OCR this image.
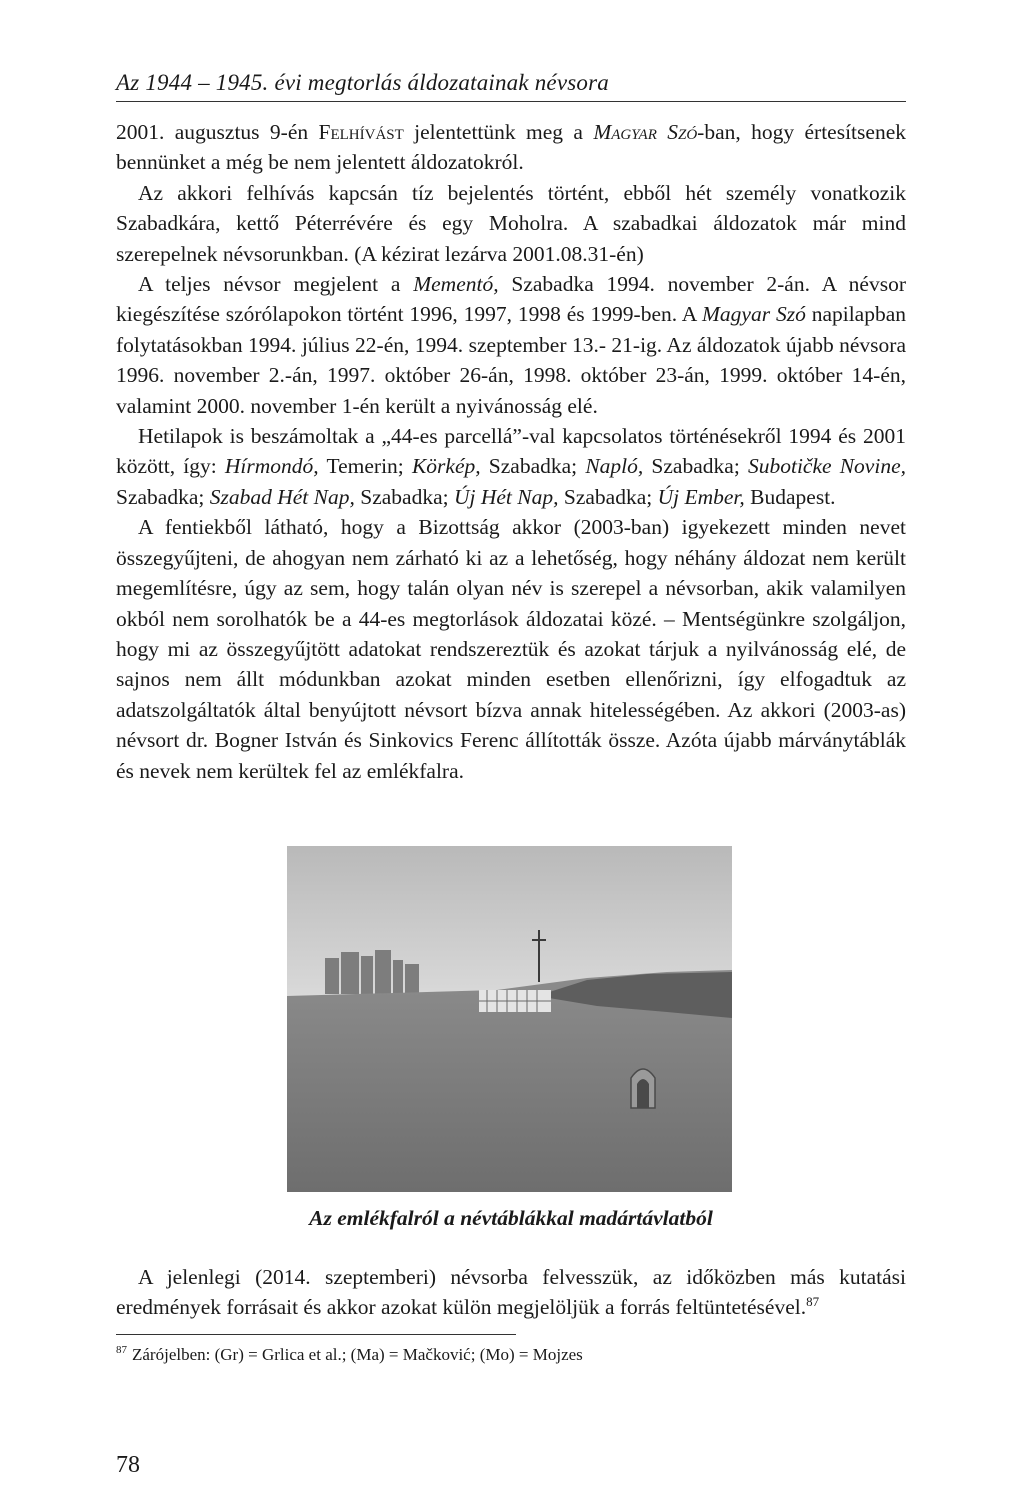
Az 1944 – 1945. évi megtorlás áldozatainak névsora

2001. augusztus 9-én Felhívást jelentettünk meg a Magyar Szó-ban, hogy értesítsenek bennünket a még be nem jelentett áldozatokról.

Az akkori felhívás kapcsán tíz bejelentés történt, ebből hét személy vonatkozik Szabadkára, kettő Péterrévére és egy Moholra. A szabadkai áldozatok már mind szerepelnek névsorunkban. (A kézirat lezárva 2001.08.31-én)

A teljes névsor megjelent a Mementó, Szabadka 1994. november 2-án. A névsor kiegészítése szórólapokon történt 1996, 1997, 1998 és 1999-ben. A Magyar Szó napilapban folytatásokban 1994. július 22-én, 1994. szeptember 13.- 21-ig. Az áldozatok újabb névsora 1996. november 2.-án, 1997. október 26-án, 1998. október 23-án, 1999. október 14-én, valamint 2000. november 1-én került a nyivánosság elé.

Hetilapok is beszámoltak a „44-es parcellá”-val kapcsolatos történésekről 1994 és 2001 között, így: Hírmondó, Temerin; Körkép, Szabadka; Napló, Szabadka; Subotičke Novine, Szabadka; Szabad Hét Nap, Szabadka; Új Hét Nap, Szabadka; Új Ember, Budapest.

A fentiekből látható, hogy a Bizottság akkor (2003-ban) igyekezett minden nevet összegyűjteni, de ahogyan nem zárható ki az a lehetőség, hogy néhány áldozat nem került megemlítésre, úgy az sem, hogy talán olyan név is szerepel a névsorban, akik valamilyen okból nem sorolhatók be a 44-es megtorlások áldozatai közé. – Mentségünkre szolgáljon, hogy mi az összegyűjtött adatokat rendszereztük és azokat tárjuk a nyilvánosság elé, de sajnos nem állt módunkban azokat minden esetben ellenőrizni, így elfogadtuk az adatszolgáltatók által benyújtott névsort bízva annak hitelességében. Az akkori (2003-as) névsort dr. Bogner István és Sinkovics Ferenc állították össze. Azóta újabb márványtáblák és nevek nem kerültek fel az emlékfalra.

Az emlékfalról a névtáblákkal madártávlatból

A jelenlegi (2014. szeptemberi) névsorba felvesszük, az időközben más kutatási eredmények forrásait és akkor azokat külön megjelöljük a forrás feltüntetésével.$^{87}$

$^{87}$ Zárójelben: (Gr) = Grlica et al.; (Ma) = Mačković; (Mo) = Mojzes
78
